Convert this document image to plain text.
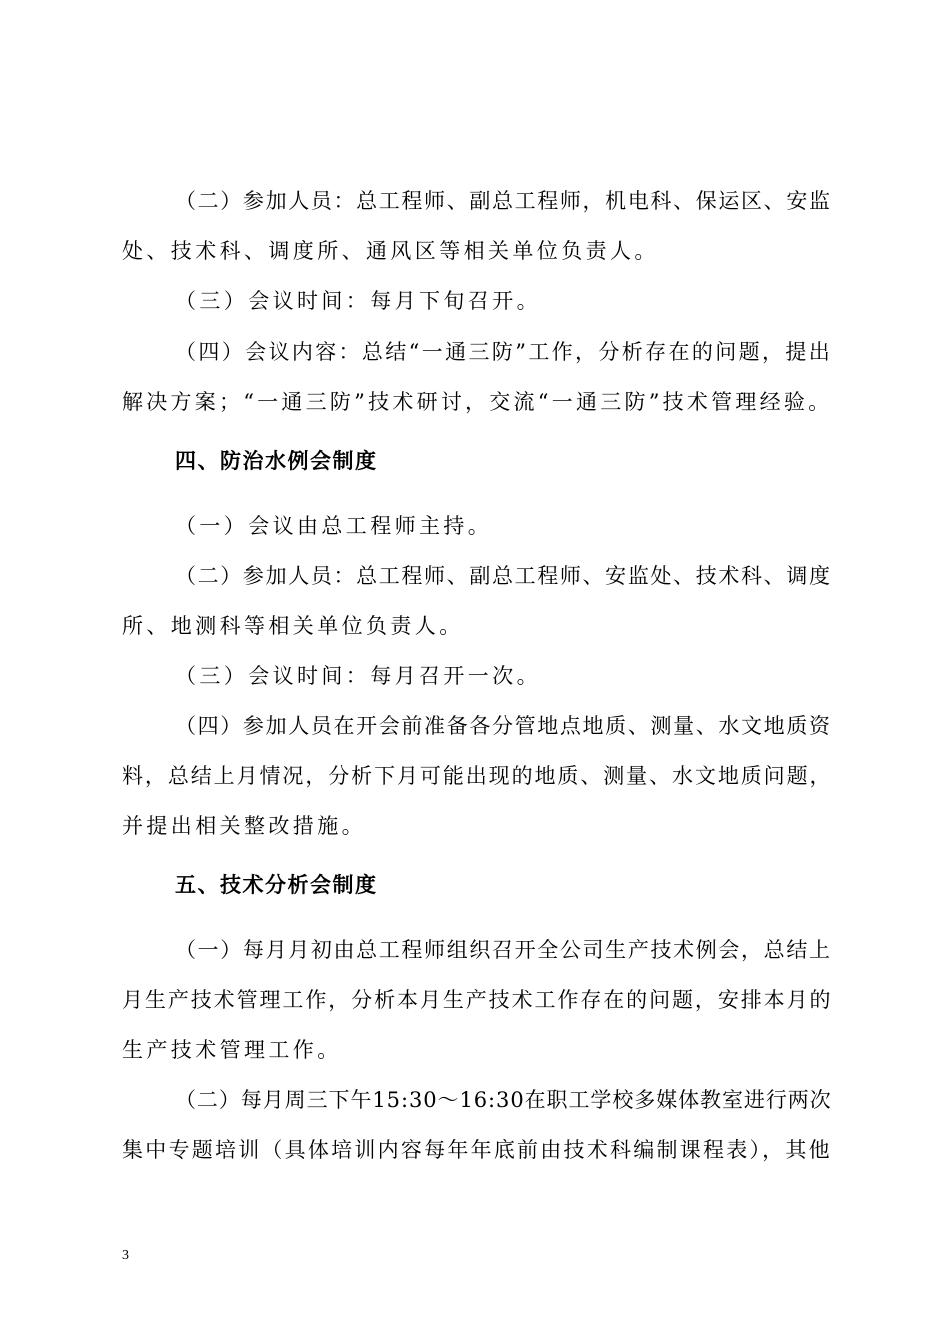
（二）参加人员：总工程师、副总工程师，机电科、保运区、安监
处、技术科、调度所、通风区等相关单位负责人。
（三）会议时间：每月下旬召开。
（四）会议内容：总结“一通三防”工作，分析存在的问题，提出
解决方案；“一通三防”技术研讨，交流“一通三防”技术管理经验。
四、防治水例会制度
（一）会议由总工程师主持。
（二）参加人员：总工程师、副总工程师、安监处、技术科、调度
所、地测科等相关单位负责人。
（三）会议时间：每月召开一次。
（四）参加人员在开会前准备各分管地点地质、测量、水文地质资
料，总结上月情况，分析下月可能出现的地质、测量、水文地质问题，
并提出相关整改措施。
五、技术分析会制度
（一）每月月初由总工程师组织召开全公司生产技术例会，总结上
月生产技术管理工作，分析本月生产技术工作存在的问题，安排本月的
生产技术管理工作。
（二）每月周三下午15:30～16:30在职工学校多媒体教室进行两次
集中专题培训（具体培训内容每年年底前由技术科编制课程表），其他
3
